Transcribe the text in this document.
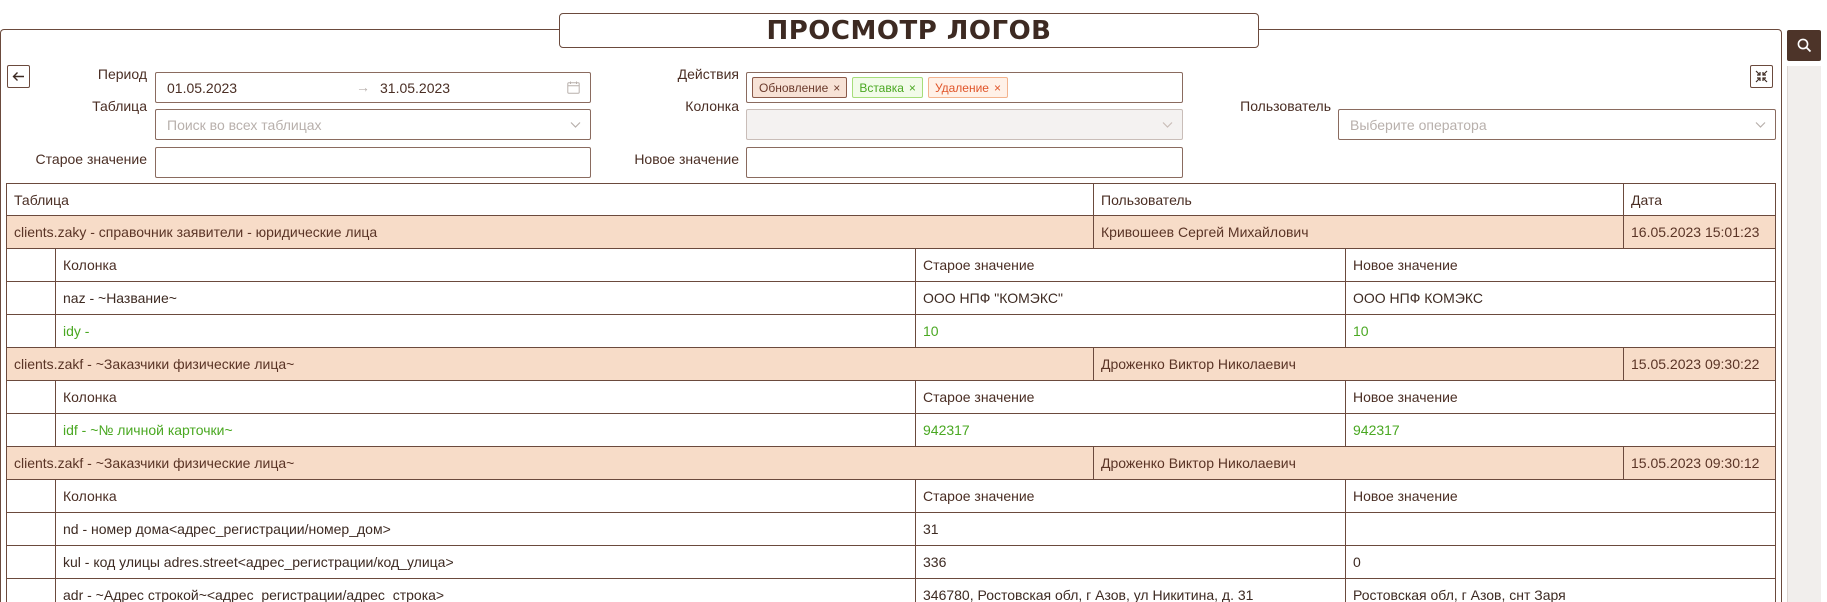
Период
01.05.2023	→ 31.05.2023
Действия
Обновление × Вставка × Удаление ×
Таблица
Поиск во всех таблицах
Колонка	Пользователь
Выберите оператора
Старое значение	Новое значение
ПРОСМОТР ЛОГОВ
Таблица	Пользователь	Дата
clients.zaky - справочник заявители - юридические лица	Кривошеев Сергей Михайлович	16.05.2023 15:01:23
Колонка	Старое значение	Новое значение
naz - ~Название~	ООО НПФ "КОМЭКС"	ООО НПФ КОМЭКС
idy -	10	10
clients.zakf - ~Заказчики физические лица~	Дроженко Виктор Николаевич	15.05.2023 09:30:22
Колонка	Старое значение	Новое значение
idf - ~№ личной карточки~	942317	942317
clients.zakf - ~Заказчики физические лица~	Дроженко Виктор Николаевич	15.05.2023 09:30:12
Колонка	Старое значение	Новое значение
nd - номер дома<адрес_регистрации/номер_дом>	31
kul - код улицы adres.street<адрес_регистрации/код_улица>	336	0
adr - ~Адрес строкой~<адрес_регистрации/адрес_строка>	346780, Ростовская обл, г Азов, ул Никитина, д. 31	Ростовская обл, г Азов, снт Заря
